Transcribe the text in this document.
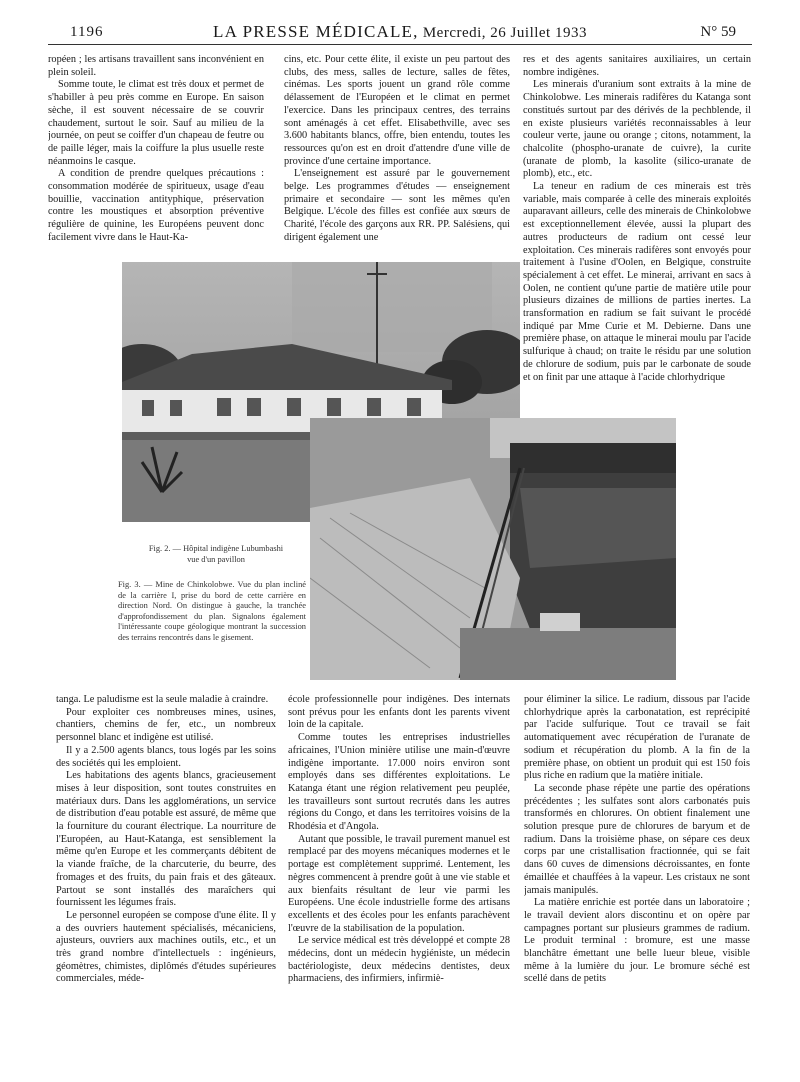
1196	LA PRESSE MÉDICALE, Mercredi, 26 Juillet 1933	N° 59

ropéen ; les artisans travaillent sans inconvénient en plein soleil.

Somme toute, le climat est très doux et permet de s'habiller à peu près comme en Europe. En saison sèche, il est souvent nécessaire de se couvrir chaudement, surtout le soir. Sauf au milieu de la journée, on peut se coiffer d'un chapeau de feutre ou de paille léger, mais la coiffure la plus usuelle reste néanmoins le casque.

A condition de prendre quelques précautions : consommation modérée de spiritueux, usage d'eau bouillie, vaccination antityphique, préservation contre les moustiques et absorption préventive régulière de quinine, les Européens peuvent donc facilement vivre dans le Haut-Ka-

cins, etc. Pour cette élite, il existe un peu partout des clubs, des mess, salles de lecture, salles de fêtes, cinémas. Les sports jouent un grand rôle comme délassement de l'Européen et le climat en permet l'exercice. Dans les principaux centres, des terrains sont aménagés à cet effet. Elisabethville, avec ses 3.600 habitants blancs, offre, bien entendu, toutes les ressources qu'on est en droit d'attendre d'une ville de province d'une certaine importance.

L'enseignement est assuré par le gouvernement belge. Les programmes d'études — enseignement primaire et secondaire — sont les mêmes qu'en Belgique. L'école des filles est confiée aux sœurs de Charité, l'école des garçons aux RR. PP. Salésiens, qui dirigent également une

res et des agents sanitaires auxiliaires, un certain nombre indigènes.

Les minerais d'uranium sont extraits à la mine de Chinkolobwe. Les minerais radifères du Katanga sont constitués surtout par des dérivés de la pechblende, il en existe plusieurs variétés reconnaissables à leur couleur verte, jaune ou orange ; citons, notamment, la chalcolite (phospho-uranate de cuivre), la curite (uranate de plomb, la kasolite (silico-uranate de plomb), etc., etc.

La teneur en radium de ces minerais est très variable, mais comparée à celle des minerais exploités auparavant ailleurs, celle des minerais de Chinkolobwe est exceptionnellement élevée, aussi la plupart des autres producteurs de radium ont cessé leur exploitation. Ces minerais radifères sont envoyés pour traitement à l'usine d'Oolen, en Belgique, construite spécialement à cet effet. Le minerai, arrivant en sacs à Oolen, ne contient qu'une partie de matière utile pour plusieurs dizaines de millions de parties inertes. La transformation en radium se fait suivant le procédé indiqué par Mme Curie et M. Debierne. Dans une première phase, on attaque le minerai moulu par l'acide sulfurique à chaud; on traite le résidu par une solution de chlorure de sodium, puis par le carbonate de soude et on finit par une attaque à l'acide chlorhydrique

Fig. 2. — Hôpital indigène Lubumbashi
vue d'un pavillon
Fig. 3. — Mine de Chinkolobwe. Vue du plan incliné de la carrière I, prise du bord de cette carrière en direction Nord. On distingue à gauche, la tranchée d'approfondissement du plan. Signalons également l'intéressante coupe géologique montrant la succession des terrains rencontrés dans le gisement.

tanga. Le paludisme est la seule maladie à craindre.

Pour exploiter ces nombreuses mines, usines, chantiers, chemins de fer, etc., un nombreux personnel blanc et indigène est utilisé.

Il y a 2.500 agents blancs, tous logés par les soins des sociétés qui les emploient.

Les habitations des agents blancs, gracieusement mises à leur disposition, sont toutes construites en matériaux durs. Dans les agglomérations, un service de distribution d'eau potable est assuré, de même que la fourniture du courant électrique. La nourriture de l'Européen, au Haut-Katanga, est sensiblement la même qu'en Europe et les commerçants débitent de la viande fraîche, de la charcuterie, du beurre, des fromages et des fruits, du pain frais et des gâteaux. Partout se sont installés des maraîchers qui fournissent les légumes frais.

Le personnel européen se compose d'une élite. Il y a des ouvriers hautement spécialisés, mécaniciens, ajusteurs, ouvriers aux machines outils, etc., et un très grand nombre d'intellectuels : ingénieurs, géomètres, chimistes, diplômés d'études supérieures commerciales, méde-

école professionnelle pour indigènes. Des internats sont prévus pour les enfants dont les parents vivent loin de la capitale.

Comme toutes les entreprises industrielles africaines, l'Union minière utilise une main-d'œuvre indigène importante. 17.000 noirs environ sont employés dans ses différentes exploitations. Le Katanga étant une région relativement peu peuplée, les travailleurs sont surtout recrutés dans les autres régions du Congo, et dans les territoires voisins de la Rhodésia et d'Angola.

Autant que possible, le travail purement manuel est remplacé par des moyens mécaniques modernes et le portage est complètement supprimé. Lentement, les nègres commencent à prendre goût à une vie stable et aux bienfaits résultant de leur vie parmi les Européens. Une école industrielle forme des artisans excellents et des écoles pour les enfants parachèvent l'œuvre de la stabilisation de la population.

Le service médical est très développé et compte 28 médecins, dont un médecin hygiéniste, un médecin bactériologiste, deux médecins dentistes, deux pharmaciens, des infirmiers, infirmiè-

pour éliminer la silice. Le radium, dissous par l'acide chlorhydrique après la carbonatation, est reprécipité par l'acide sulfurique. Tout ce travail se fait automatiquement avec récupération de l'uranate de sodium et récupération du plomb. A la fin de la première phase, on obtient un produit qui est 150 fois plus riche en radium que la matière initiale.

La seconde phase répète une partie des opérations précédentes ; les sulfates sont alors carbonatés puis transformés en chlorures. On obtient finalement une solution presque pure de chlorures de baryum et de radium. Dans la troisième phase, on sépare ces deux corps par une cristallisation fractionnée, qui se fait dans 60 cuves de dimensions décroissantes, en fonte émaillée et chauffées à la vapeur. Les cristaux ne sont jamais manipulés.

La matière enrichie est portée dans un laboratoire ; le travail devient alors discontinu et on opère par campagnes portant sur plusieurs grammes de radium. Le produit terminal : bromure, est une masse blanchâtre émettant une belle lueur bleue, visible même à la lumière du jour. Le bromure séché est scellé dans de petits
